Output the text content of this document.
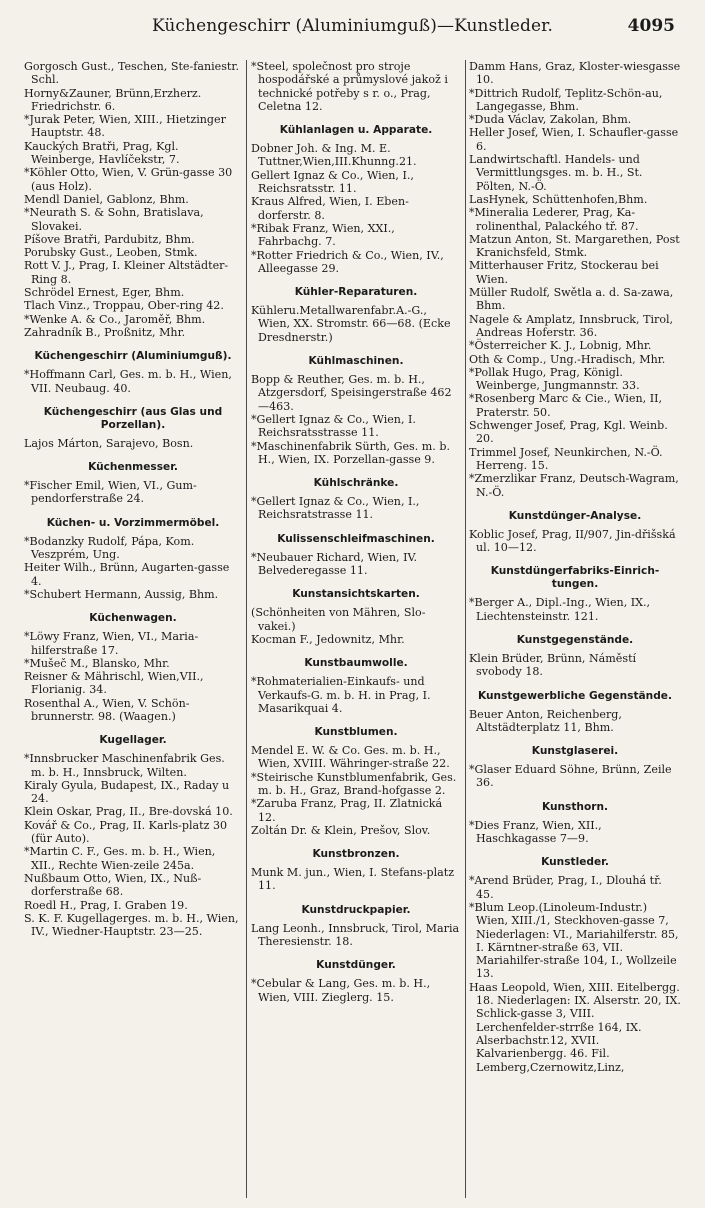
Küchengeschirr (Aluminiumguß)—Kunstleder.	4095
Gorgosch Gust., Teschen, Ste-faniestr. Schl.
Horny&Zauner, Brünn,Erzherz. Friedrichstr. 6.
*Jurak Peter, Wien, XIII., Hietzinger Hauptstr. 48.
Kauckých Bratři, Prag, Kgl. Weinberge, Havlíčekstr, 7.
*Köhler Otto, Wien, V. Grün-gasse 30 (aus Holz).
Mendl Daniel, Gablonz, Bhm.
*Neurath S. & Sohn, Bratislava, Slovakei.
Píšove Bratři, Pardubitz, Bhm.
Porubsky Gust., Leoben, Stmk.
Rott V. J., Prag, I. Kleiner Altstädter-Ring 8.
Schrödel Ernest, Eger, Bhm.
Tlach Vinz., Troppau, Ober-ring 42.
*Wenke A. & Co., Jaroměř, Bhm.
Zahradník B., Proßnitz, Mhr.
Küchengeschirr (Aluminiumguß).
*Hoffmann Carl, Ges. m. b. H., Wien, VII. Neubaug. 40.
Küchengeschirr (aus Glas und Porzellan).
Lajos Márton, Sarajevo, Bosn.
Küchenmesser.
*Fischer Emil, Wien, VI., Gum-pendorferstraße 24.
Küchen- u. Vorzimmermöbel.
*Bodanzky Rudolf, Pápa, Kom. Veszprém, Ung.
Heiter Wilh., Brünn, Augarten-gasse 4.
*Schubert Hermann, Aussig, Bhm.
Küchenwagen.
*Löwy Franz, Wien, VI., Maria-hilferstraße 17.
*Mušeč M., Blansko, Mhr.
Reisner & Mährischl, Wien,VII., Florianig. 34.
Rosenthal A., Wien, V. Schön-brunnerstr. 98. (Waagen.)
Kugellager.
*Innsbrucker Maschinenfabrik Ges. m. b. H., Innsbruck, Wilten.
Kiraly Gyula, Budapest, IX., Raday u 24.
Klein Oskar, Prag, II., Bre-dovská 10.
Kovář & Co., Prag, II. Karls-platz 30 (für Auto).
*Martin C. F., Ges. m. b. H., Wien, XII., Rechte Wien-zeile 245a.
Nußbaum Otto, Wien, IX., Nuß-dorferstraße 68.
Roedl H., Prag, I. Graben 19.
S. K. F. Kugellagerges. m. b. H., Wien, IV., Wiedner-Hauptstr. 23—25.
*Steel, společnost pro stroje hospodářské a průmyslové jakož i technické potřeby s r. o., Prag, Celetna 12.
Kühlanlagen u. Apparate.
Dobner Joh. & Ing. M. E. Tuttner,Wien,III.Khunng.21.
Gellert Ignaz & Co., Wien, I., Reichsratsstr. 11.
Kraus Alfred, Wien, I. Eben-dorferstr. 8.
*Ribak Franz, Wien, XXI., Fahrbachg. 7.
*Rotter Friedrich & Co., Wien, IV., Alleegasse 29.
Kühler-Reparaturen.
Kühleru.Metallwarenfabr.A.-G., Wien, XX. Stromstr. 66—68. (Ecke Dresdnerstr.)
Kühlmaschinen.
Bopp & Reuther, Ges. m. b. H., Atzgersdorf, Speisingerstraße 462—463.
*Gellert Ignaz & Co., Wien, I. Reichsratsstrasse 11.
*Maschinenfabrik Sürth, Ges. m. b. H., Wien, IX. Porzellan-gasse 9.
Kühlschränke.
*Gellert Ignaz & Co., Wien, I., Reichsratstrasse 11.
Kulissenschleifmaschinen.
*Neubauer Richard, Wien, IV. Belvederegasse 11.
Kunstansichtskarten.
(Schönheiten von Mähren, Slo-vakei.)
Kocman F., Jedownitz, Mhr.
Kunstbaumwolle.
*Rohmaterialien-Einkaufs- und Verkaufs-G. m. b. H. in Prag, I. Masarikquai 4.
Kunstblumen.
Mendel E. W. & Co. Ges. m. b. H., Wien, XVIII. Währinger-straße 22.
*Steirische Kunstblumenfabrik, Ges. m. b. H., Graz, Brand-hofgasse 2.
*Zaruba Franz, Prag, II. Zlatnická 12.
Zoltán Dr. & Klein, Prešov, Slov.
Kunstbronzen.
Munk M. jun., Wien, I. Stefans-platz 11.
Kunstdruckpapier.
Lang Leonh., Innsbruck, Tirol, Maria Theresienstr. 18.
Kunstdünger.
*Cebular & Lang, Ges. m. b. H., Wien, VIII. Zieglerg. 15.
Damm Hans, Graz, Kloster-wiesgasse 10.
*Dittrich Rudolf, Teplitz-Schön-au, Langegasse, Bhm.
*Duda Václav, Zakolan, Bhm.
Heller Josef, Wien, I. Schaufler-gasse 6.
Landwirtschaftl. Handels- und Vermittlungsges. m. b. H., St. Pölten, N.-Ö.
LasHynek, Schüttenhofen,Bhm.
*Mineralia Lederer, Prag, Ka-rolinenthal, Palackého tř. 87.
Matzun Anton, St. Margarethen, Post Kranichsfeld, Stmk.
Mitterhauser Fritz, Stockerau bei Wien.
Müller Rudolf, Swětla a. d. Sa-zawa, Bhm.
Nagele & Amplatz, Innsbruck, Tirol, Andreas Hoferstr. 36.
*Österreicher K. J., Lobnig, Mhr.
Oth & Comp., Ung.-Hradisch, Mhr.
*Pollak Hugo, Prag, Königl. Weinberge, Jungmannstr. 33.
*Rosenberg Marc & Cie., Wien, II, Praterstr. 50.
Schwenger Josef, Prag, Kgl. Weinb. 20.
Trimmel Josef, Neunkirchen, N.-Ö. Herreng. 15.
*Zmerzlikar Franz, Deutsch-Wagram, N.-Ö.
Kunstdünger-Analyse.
Koblic Josef, Prag, II/907, Jin-dřišská ul. 10—12.
Kunstdüngerfabriks-Einrich-tungen.
*Berger A., Dipl.-Ing., Wien, IX., Liechtensteinstr. 121.
Kunstgegenstände.
Klein Brüder, Brünn, Náměstí svobody 18.
Kunstgewerbliche Gegenstände.
Beuer Anton, Reichenberg, Altstädterplatz 11, Bhm.
Kunstglaserei.
*Glaser Eduard Söhne, Brünn, Zeile 36.
Kunsthorn.
*Dies Franz, Wien, XII., Haschkagasse 7—9.
Kunstleder.
*Arend Brüder, Prag, I., Dlouhá tř. 45.
*Blum Leop.(Linoleum-Industr.) Wien, XIII./1, Steckhoven-gasse 7, Niederlagen: VI., Mariahilferstr. 85, I. Kärntner-straße 63, VII. Mariahilfer-straße 104, I., Wollzeile 13.
Haas Leopold, Wien, XIII. Eitelbergg. 18. Niederlagen: IX. Alserstr. 20, IX. Schlick-gasse 3, VIII. Lerchenfelder-strrße 164, IX. Alserbachstr.12, XVII. Kalvarienbergg. 46. Fil. Lemberg,Czernowitz,Linz,
